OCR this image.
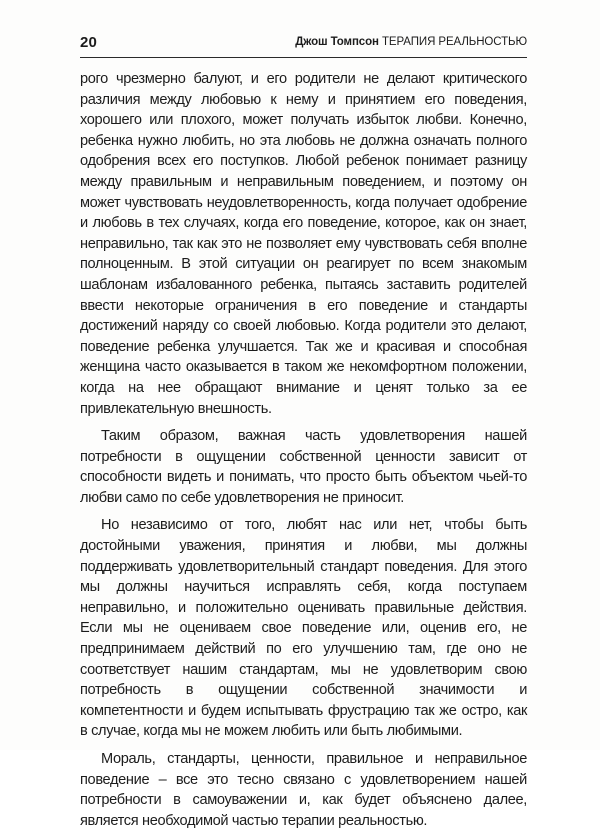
20	Джош Томпсон ТЕРАПИЯ РЕАЛЬНОСТЬЮ

рого чрезмерно балуют, и его родители не делают критического различия между любовью к нему и принятием его поведения, хорошего или плохого, может получать избыток любви. Конечно, ребенка нужно любить, но эта любовь не должна означать полного одобрения всех его поступков. Любой ребенок понимает разницу между правильным и неправильным поведением, и поэтому он может чувствовать неудовлетворенность, когда получает одобрение и любовь в тех случаях, когда его поведение, которое, как он знает, неправильно, так как это не позволяет ему чувствовать себя вполне полноценным. В этой ситуации он реагирует по всем знакомым шаблонам избалованного ребенка, пытаясь заставить родителей ввести некоторые ограничения в его поведение и стандарты достижений наряду со своей любовью. Когда родители это делают, поведение ребенка улучшается. Так же и красивая и способная женщина часто оказывается в таком же некомфортном положении, когда на нее обращают внимание и ценят только за ее привлекательную внешность.

Таким образом, важная часть удовлетворения нашей потребности в ощущении собственной ценности зависит от способности видеть и понимать, что просто быть объектом чьей-то любви само по себе удовлетворения не приносит.

Но независимо от того, любят нас или нет, чтобы быть достойными уважения, принятия и любви, мы должны поддерживать удовлетворительный стандарт поведения. Для этого мы должны научиться исправлять себя, когда поступаем неправильно, и положительно оценивать правильные действия. Если мы не оцениваем свое поведение или, оценив его, не предпринимаем действий по его улучшению там, где оно не соответствует нашим стандартам, мы не удовлетворим свою потребность в ощущении собственной значимости и компетентности и будем испытывать фрустрацию так же остро, как в случае, когда мы не можем любить или быть любимыми.

Мораль, стандарты, ценности, правильное и неправильное поведение – все это тесно связано с удовлетворением нашей потребности в самоуважении и, как будет объяснено далее, является необходимой частью терапии реальностью.
